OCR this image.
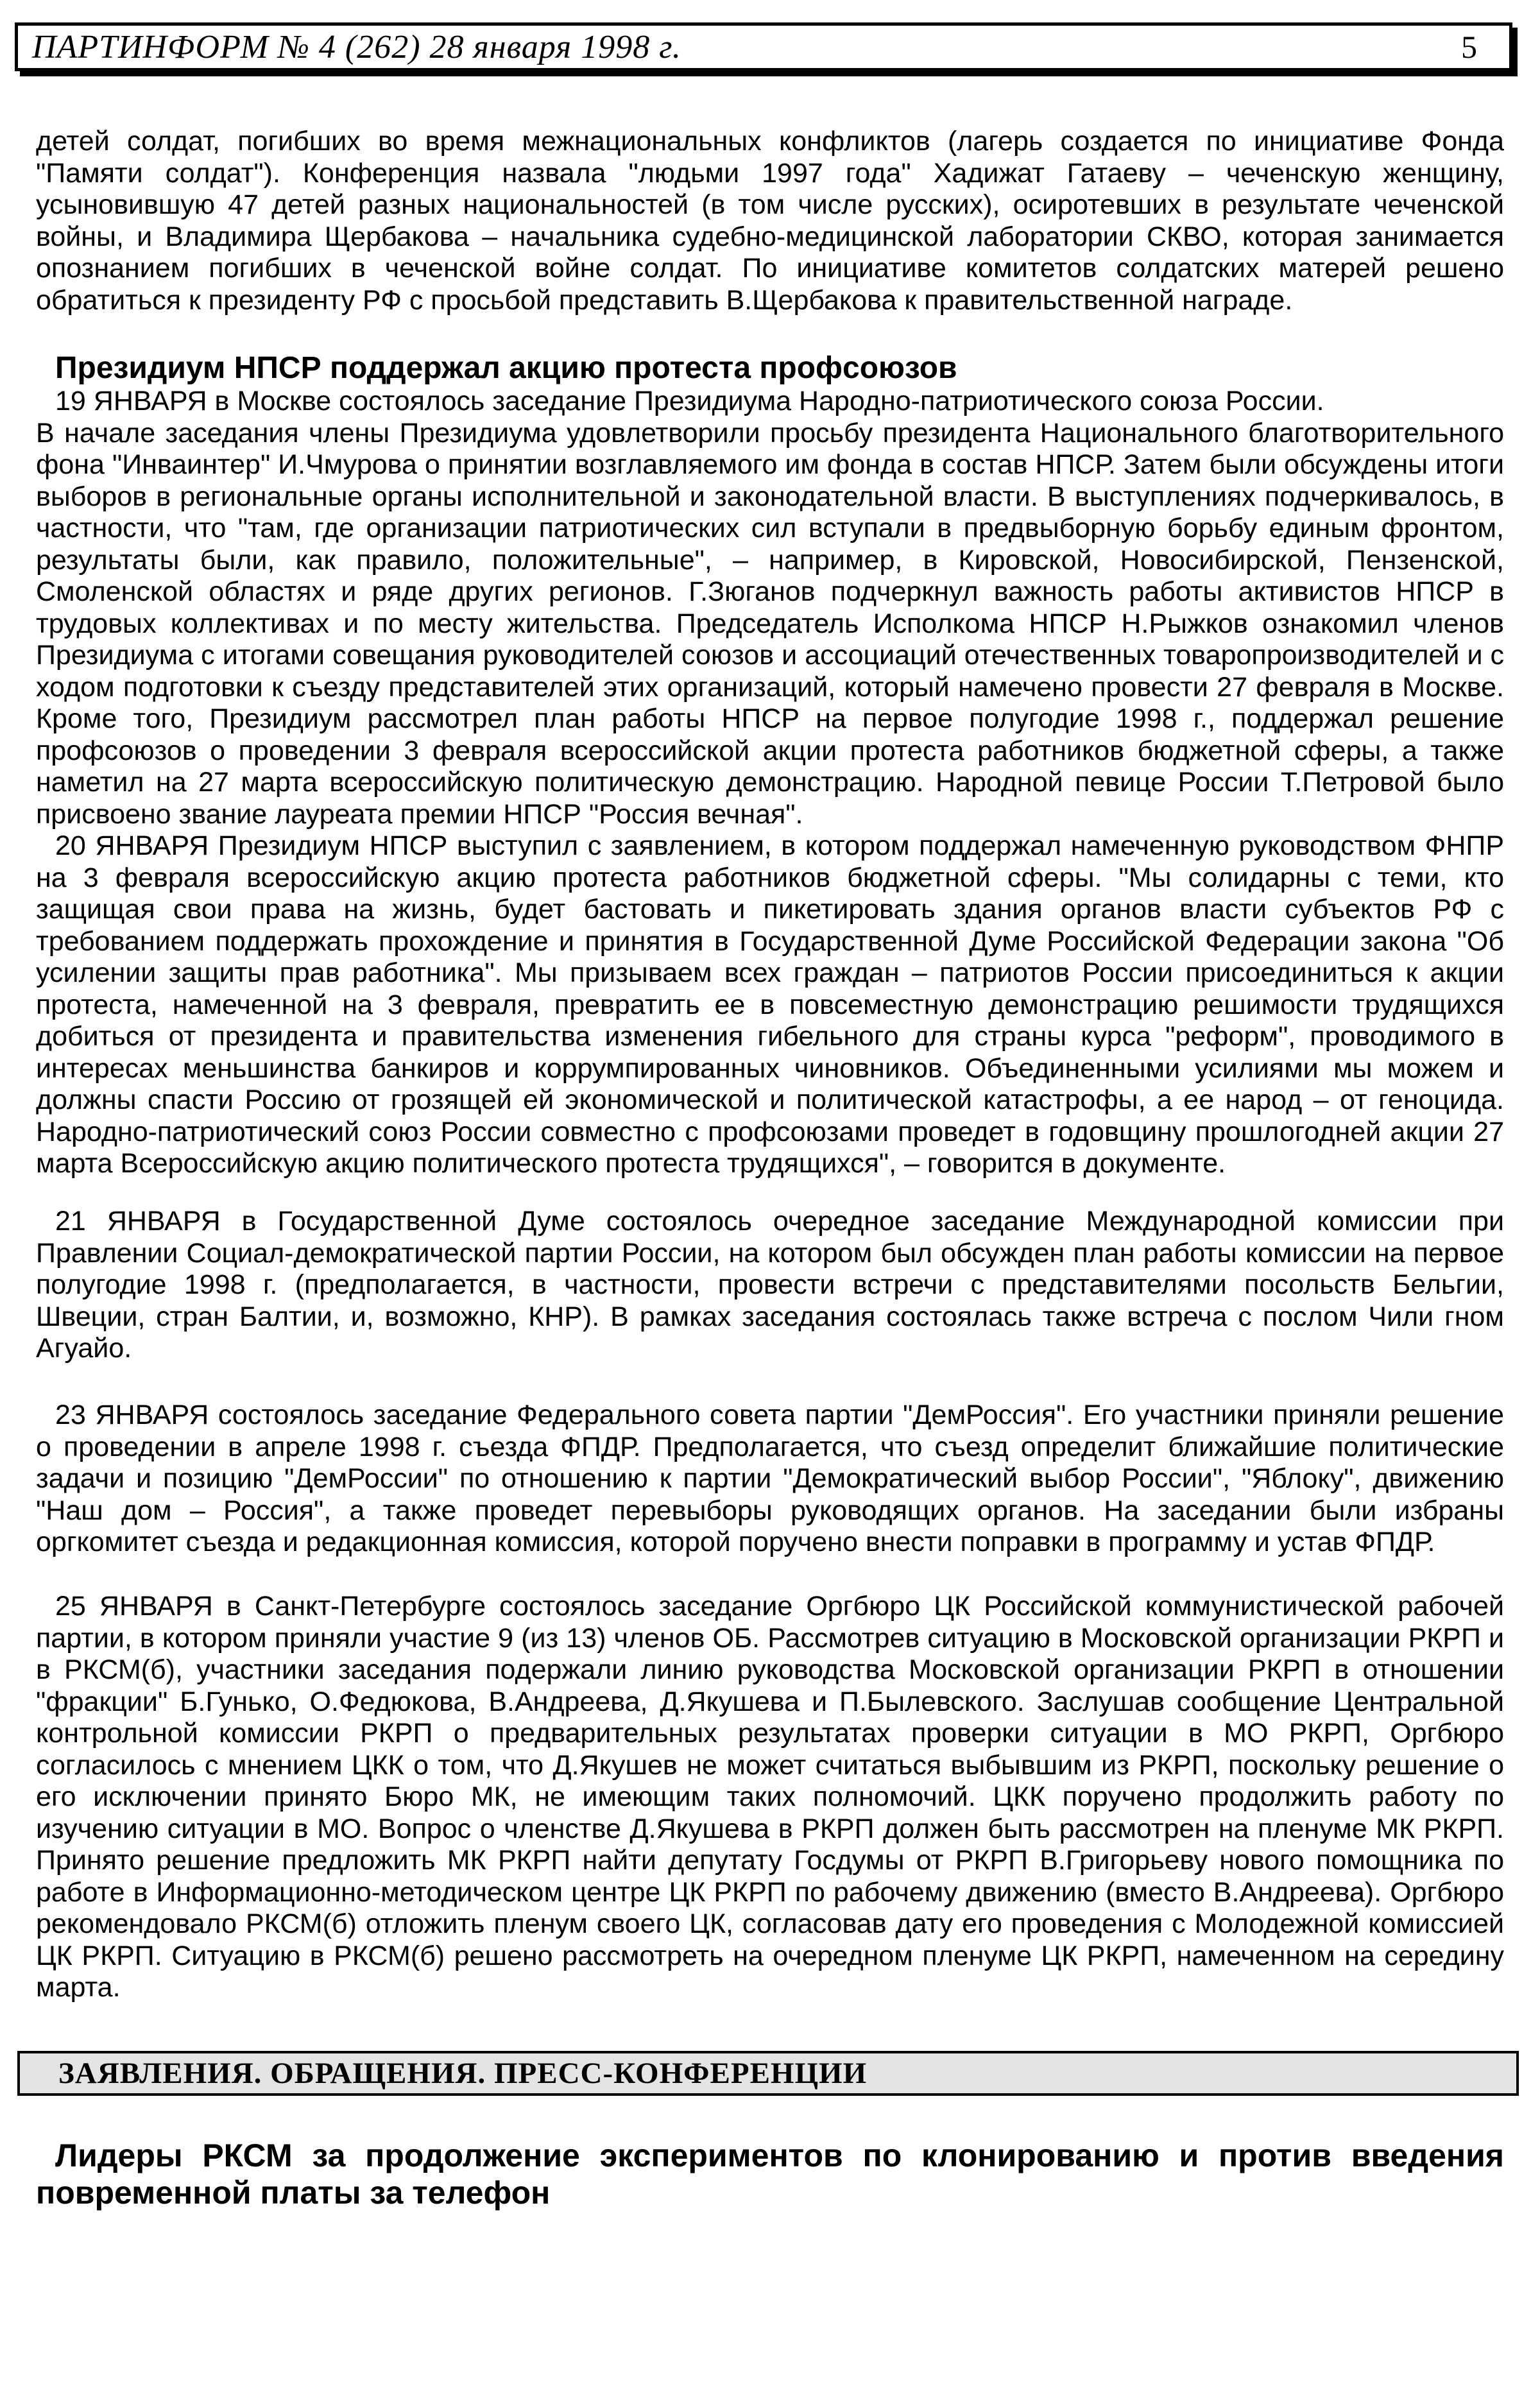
ПАРТИНФОРМ № 4 (262) 28 января 1998 г.	5

детей солдат, погибших во время межнациональных конфликтов (лагерь создается по инициативе Фонда "Памяти солдат"). Конференция назвала "людьми 1997 года" Хадижат Гатаеву – чеченскую женщину, усыновившую 47 детей разных национальностей (в том числе русских), осиротевших в результате чеченской войны, и Владимира Щербакова – начальника судебно-медицинской лаборатории СКВО, которая занимается опознанием погибших в чеченской войне солдат. По инициативе комитетов солдатских матерей решено обратиться к президенту РФ с просьбой представить В.Щербакова к правительственной награде.

Президиум НПСР поддержал акцию протеста профсоюзов

19 ЯНВАРЯ в Москве состоялось заседание Президиума Народно-патриотического союза России.

В начале заседания члены Президиума удовлетворили просьбу президента Национального благотворительного фона "Инваинтер" И.Чмурова о принятии возглавляемого им фонда в состав НПСР. Затем были обсуждены итоги выборов в региональные органы исполнительной и законодательной власти. В выступлениях подчеркивалось, в частности, что "там, где организации патриотических сил вступали в предвыборную борьбу единым фронтом, результаты были, как правило, положительные", – например, в Кировской, Новосибирской, Пензенской, Смоленской областях и ряде других регионов. Г.Зюганов подчеркнул важность работы активистов НПСР в трудовых коллективах и по месту жительства. Председатель Исполкома НПСР Н.Рыжков ознакомил членов Президиума с итогами совещания руководителей союзов и ассоциаций отечественных товаропроизводителей и с ходом подготовки к съезду представителей этих организаций, который намечено провести 27 февраля в Москве. Кроме того, Президиум рассмотрел план работы НПСР на первое полугодие 1998 г., поддержал решение профсоюзов о проведении 3 февраля всероссийской акции протеста работников бюджетной сферы, а также наметил на 27 марта всероссийскую политическую демонстрацию. Народной певице России Т.Петровой было присвоено звание лауреата премии НПСР "Россия вечная".

20 ЯНВАРЯ Президиум НПСР выступил с заявлением, в котором поддержал намеченную руководством ФНПР на 3 февраля всероссийскую акцию протеста работников бюджетной сферы. "Мы солидарны с теми, кто защищая свои права на жизнь, будет бастовать и пикетировать здания органов власти субъектов РФ с требованием поддержать прохождение и принятия в Государственной Думе Российской Федерации закона "Об усилении защиты прав работника". Мы призываем всех граждан – патриотов России присоединиться к акции протеста, намеченной на 3 февраля, превратить ее в повсеместную демонстрацию решимости трудящихся добиться от президента и правительства изменения гибельного для страны курса "реформ", проводимого в интересах меньшинства банкиров и коррумпированных чиновников. Объединенными усилиями мы можем и должны спасти Россию от грозящей ей экономической и политической катастрофы, а ее народ – от геноцида. Народно-патриотический союз России совместно с профсоюзами проведет в годовщину прошлогодней акции 27 марта Всероссийскую акцию политического протеста трудящихся", – говорится в документе.

21 ЯНВАРЯ в Государственной Думе состоялось очередное заседание Международной комиссии при Правлении Социал-демократической партии России, на котором был обсужден план работы комиссии на первое полугодие 1998 г. (предполагается, в частности, провести встречи с представителями посольств Бельгии, Швеции, стран Балтии, и, возможно, КНР). В рамках заседания состоялась также встреча с послом Чили гном Агуайо.

23 ЯНВАРЯ состоялось заседание Федерального совета партии "ДемРоссия". Его участники приняли решение о проведении в апреле 1998 г. съезда ФПДР. Предполагается, что съезд определит ближайшие политические задачи и позицию "ДемРоссии" по отношению к партии "Демократический выбор России", "Яблоку", движению "Наш дом – Россия", а также проведет перевыборы руководящих органов. На заседании были избраны оргкомитет съезда и редакционная комиссия, которой поручено внести поправки в программу и устав ФПДР.

25 ЯНВАРЯ в Санкт-Петербурге состоялось заседание Оргбюро ЦК Российской коммунистической рабочей партии, в котором приняли участие 9 (из 13) членов ОБ. Рассмотрев ситуацию в Московской организации РКРП и в РКСМ(б), участники заседания подержали линию руководства Московской организации РКРП в отношении "фракции" Б.Гунько, О.Федюкова, В.Андреева, Д.Якушева и П.Былевского. Заслушав сообщение Центральной контрольной комиссии РКРП о предварительных результатах проверки ситуации в МО РКРП, Оргбюро согласилось с мнением ЦКК о том, что Д.Якушев не может считаться выбывшим из РКРП, поскольку решение о его исключении принято Бюро МК, не имеющим таких полномочий. ЦКК поручено продолжить работу по изучению ситуации в МО. Вопрос о членстве Д.Якушева в РКРП должен быть рассмотрен на пленуме МК РКРП. Принято решение предложить МК РКРП найти депутату Госдумы от РКРП В.Григорьеву нового помощника по работе в Информационно-методическом центре ЦК РКРП по рабочему движению (вместо В.Андреева). Оргбюро рекомендовало РКСМ(б) отложить пленум своего ЦК, согласовав дату его проведения с Молодежной комиссией ЦК РКРП. Ситуацию в РКСМ(б) решено рассмотреть на очередном пленуме ЦК РКРП, намеченном на середину марта.

ЗАЯВЛЕНИЯ. ОБРАЩЕНИЯ. ПРЕСС-КОНФЕРЕНЦИИ
Лидеры РКСМ за продолжение экспериментов по клонированию и против введения повременной платы за телефон
